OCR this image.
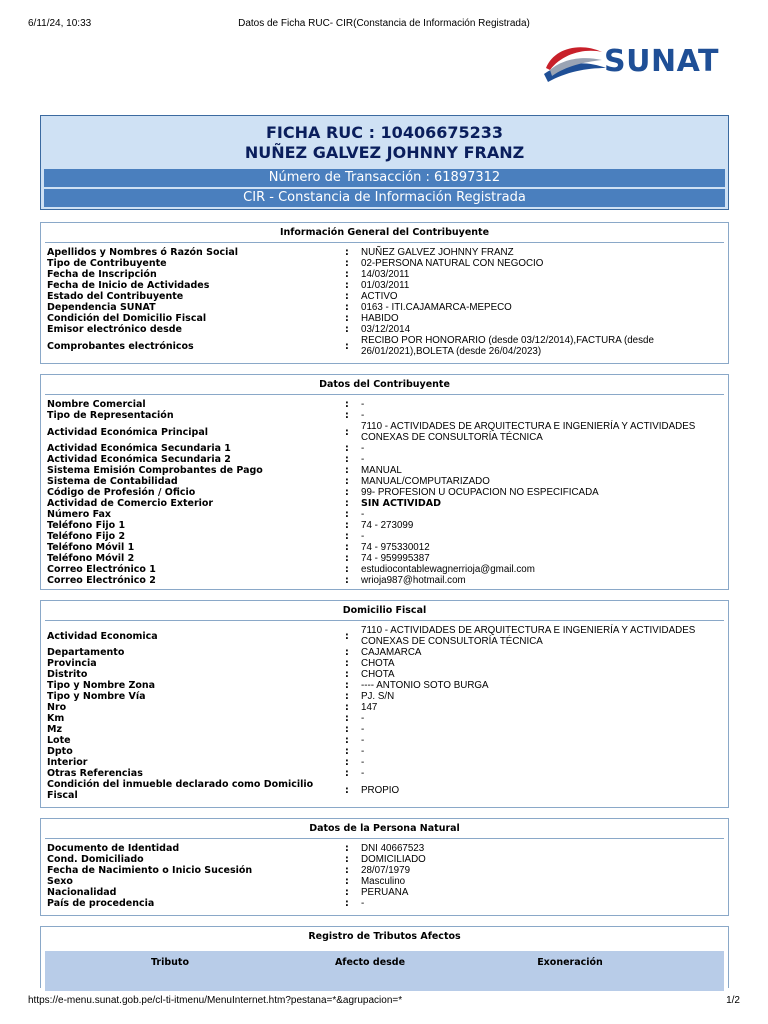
6/11/24, 10:33	Datos de Ficha RUC- CIR(Constancia de Información Registrada)
SUNAT
FICHA RUC : 10406675233
NUÑEZ GALVEZ JOHNNY FRANZ
Número de Transacción : 61897312
CIR - Constancia de Información Registrada
Información General del Contribuyente
Apellidos y Nombres ó Razón Social	:	NUÑEZ GALVEZ JOHNNY FRANZ
Tipo de Contribuyente	:	02-PERSONA NATURAL CON NEGOCIO
Fecha de Inscripción	:	14/03/2011
Fecha de Inicio de Actividades	:	01/03/2011
Estado del Contribuyente	:	ACTIVO
Dependencia SUNAT	:	0163 - ITI.CAJAMARCA-MEPECO
Condición del Domicilio Fiscal	:	HABIDO
Emisor electrónico desde	:	03/12/2014
Comprobantes electrónicos	:	RECIBO POR HONORARIO (desde 03/12/2014),FACTURA (desde 26/01/2021),BOLETA (desde 26/04/2023)
Datos del Contribuyente
Nombre Comercial	:	-
Tipo de Representación	:	-
Actividad Económica Principal	:	7110 - ACTIVIDADES DE ARQUITECTURA E INGENIERÍA Y ACTIVIDADES CONEXAS DE CONSULTORÍA TÉCNICA
Actividad Económica Secundaria 1	:	-
Actividad Económica Secundaria 2	:	-
Sistema Emisión Comprobantes de Pago	:	MANUAL
Sistema de Contabilidad	:	MANUAL/COMPUTARIZADO
Código de Profesión / Oficio	:	99- PROFESION U OCUPACION NO ESPECIFICADA
Actividad de Comercio Exterior	:	SIN ACTIVIDAD
Número Fax	:	-
Teléfono Fijo 1	:	74 - 273099
Teléfono Fijo 2	:	-
Teléfono Móvil 1	:	74 - 975330012
Teléfono Móvil 2	:	74 - 959995387
Correo Electrónico 1	:	estudiocontablewagnerrioja@gmail.com
Correo Electrónico 2	:	wrioja987@hotmail.com
Domicilio Fiscal
Actividad Economica	:	7110 - ACTIVIDADES DE ARQUITECTURA E INGENIERÍA Y ACTIVIDADES CONEXAS DE CONSULTORÍA TÉCNICA
Departamento	:	CAJAMARCA
Provincia	:	CHOTA
Distrito	:	CHOTA
Tipo y Nombre Zona	:	---- ANTONIO SOTO BURGA
Tipo y Nombre Vía	:	PJ. S/N
Nro	:	147
Km	:	-
Mz	:	-
Lote	:	-
Dpto	:	-
Interior	:	-
Otras Referencias	:	-
Condición del inmueble declarado como Domicilio Fiscal	:	PROPIO
Datos de la Persona Natural
Documento de Identidad	:	DNI 40667523
Cond. Domiciliado	:	DOMICILIADO
Fecha de Nacimiento o Inicio Sucesión	:	28/07/1979
Sexo	:	Masculino
Nacionalidad	:	PERUANA
País de procedencia	:	-
Registro de Tributos Afectos
Tributo	Afecto desde	Exoneración
https://e-menu.sunat.gob.pe/cl-ti-itmenu/MenuInternet.htm?pestana=*&agrupacion=*	1/2
